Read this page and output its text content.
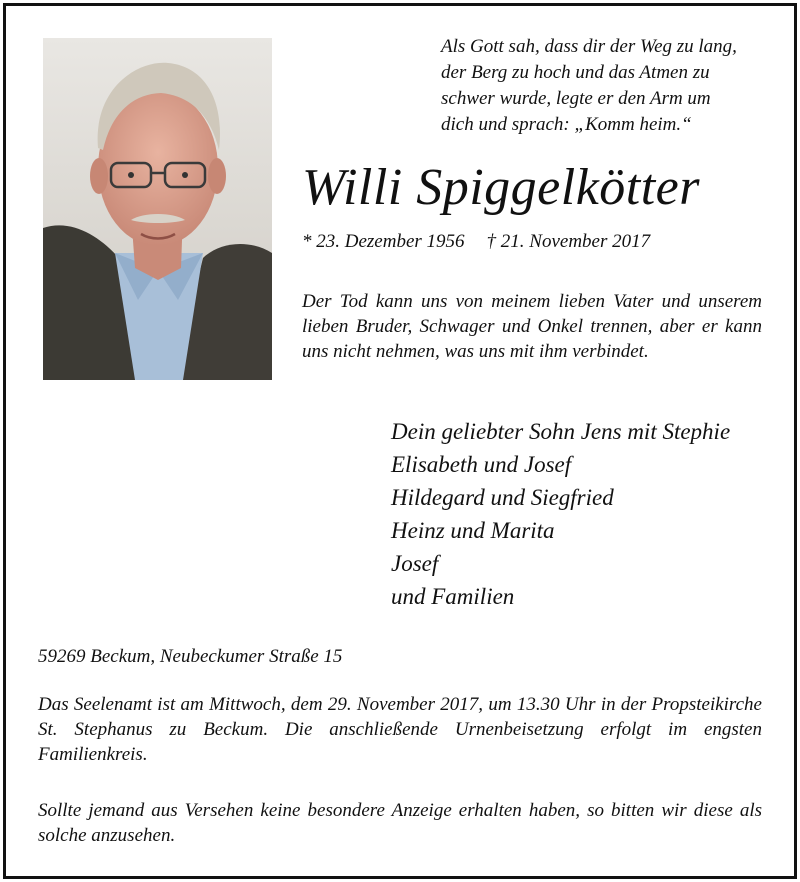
Als Gott sah, dass dir der Weg zu lang,
der Berg zu hoch und das Atmen zu
schwer wurde, legte er den Arm um
dich und sprach: „Komm heim.“
Willi Spiggelkötter
* 23. Dezember 1956 † 21. November 2017
Der Tod kann uns von meinem lieben Vater und unserem lieben Bruder, Schwager und Onkel trennen, aber er kann uns nicht nehmen, was uns mit ihm verbindet.
Dein geliebter Sohn Jens mit Stephie
Elisabeth und Josef
Hildegard und Siegfried
Heinz und Marita
Josef
und Familien
59269 Beckum, Neubeckumer Straße 15
Das Seelenamt ist am Mittwoch, dem 29. November 2017, um 13.30 Uhr in der Propsteikirche St. Stephanus zu Beckum. Die anschließende Urnenbeisetzung erfolgt im engsten Familienkreis.
Sollte jemand aus Versehen keine besondere Anzeige erhalten haben, so bitten wir diese als solche anzusehen.
